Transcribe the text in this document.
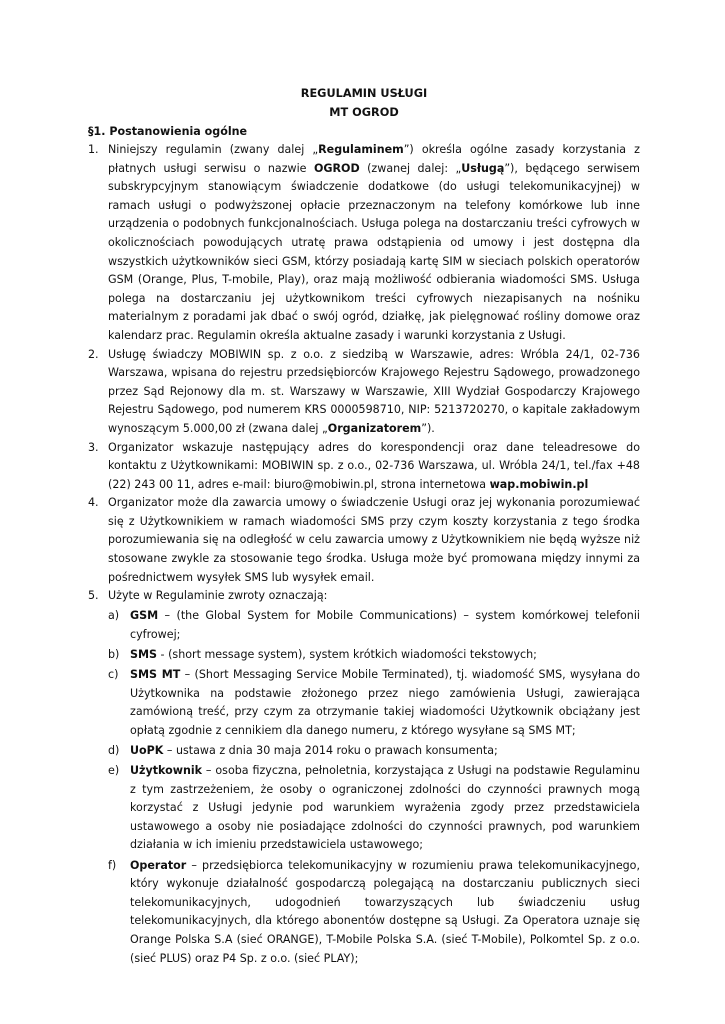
REGULAMIN USŁUGI
MT OGROD
§1. Postanowienia ogólne
1. Niniejszy regulamin (zwany dalej „Regulaminem”) określa ogólne zasady korzystania z płatnych usługi serwisu o nazwie OGROD (zwanej dalej: „Usługą”), będącego serwisem subskrypcyjnym stanowiącym świadczenie dodatkowe (do usługi telekomunikacyjnej) w ramach usługi o podwyższonej opłacie przeznaczonym na telefony komórkowe lub inne urządzenia o podobnych funkcjonalnościach. Usługa polega na dostarczaniu treści cyfrowych w okolicznościach powodujących utratę prawa odstąpienia od umowy i jest dostępna dla wszystkich użytkowników sieci GSM, którzy posiadają kartę SIM w sieciach polskich operatorów GSM (Orange, Plus, T-mobile, Play), oraz mają możliwość odbierania wiadomości SMS. Usługa polega na dostarczaniu jej użytkownikom treści cyfrowych niezapisanych na nośniku materialnym z poradami jak dbać o swój ogród, działkę, jak pielęgnować rośliny domowe oraz kalendarz prac. Regulamin określa aktualne zasady i warunki korzystania z Usługi.
2. Usługę świadczy MOBIWIN sp. z o.o. z siedzibą w Warszawie, adres: Wróbla 24/1, 02-736 Warszawa, wpisana do rejestru przedsiębiorców Krajowego Rejestru Sądowego, prowadzonego przez Sąd Rejonowy dla m. st. Warszawy w Warszawie, XIII Wydział Gospodarczy Krajowego Rejestru Sądowego, pod numerem KRS 0000598710, NIP: 5213720270, o kapitale zakładowym wynoszącym 5.000,00 zł (zwana dalej „Organizatorem”).
3. Organizator wskazuje następujący adres do korespondencji oraz dane teleadresowe do kontaktu z Użytkownikami: MOBIWIN sp. z o.o., 02-736 Warszawa, ul. Wróbla 24/1, tel./fax +48 (22) 243 00 11, adres e-mail: biuro@mobiwin.pl, strona internetowa wap.mobiwin.pl
4. Organizator może dla zawarcia umowy o świadczenie Usługi oraz jej wykonania porozumiewać się z Użytkownikiem w ramach wiadomości SMS przy czym koszty korzystania z tego środka porozumiewania się na odległość w celu zawarcia umowy z Użytkownikiem nie będą wyższe niż stosowane zwykle za stosowanie tego środka. Usługa może być promowana między innymi za pośrednictwem wysyłek SMS lub wysyłek email.
5. Użyte w Regulaminie zwroty oznaczają:
a) GSM – (the Global System for Mobile Communications) – system komórkowej telefonii cyfrowej;
b) SMS - (short message system), system krótkich wiadomości tekstowych;
c) SMS MT – (Short Messaging Service Mobile Terminated), tj. wiadomość SMS, wysyłana do Użytkownika na podstawie złożonego przez niego zamówienia Usługi, zawierająca zamówioną treść, przy czym za otrzymanie takiej wiadomości Użytkownik obciążany jest opłatą zgodnie z cennikiem dla danego numeru, z którego wysyłane są SMS MT;
d) UoPK – ustawa z dnia 30 maja 2014 roku o prawach konsumenta;
e) Użytkownik – osoba fizyczna, pełnoletnia, korzystająca z Usługi na podstawie Regulaminu z tym zastrzeżeniem, że osoby o ograniczonej zdolności do czynności prawnych mogą korzystać z Usługi jedynie pod warunkiem wyrażenia zgody przez przedstawiciela ustawowego a osoby nie posiadające zdolności do czynności prawnych, pod warunkiem działania w ich imieniu przedstawiciela ustawowego;
f) Operator – przedsiębiorca telekomunikacyjny w rozumieniu prawa telekomunikacyjnego, który wykonuje działalność gospodarczą polegającą na dostarczaniu publicznych sieci telekomunikacyjnych, udogodnień towarzyszących lub świadczeniu usług telekomunikacyjnych, dla którego abonentów dostępne są Usługi. Za Operatora uznaje się Orange Polska S.A (sieć ORANGE), T-Mobile Polska S.A. (sieć T-Mobile), Polkomtel Sp. z o.o. (sieć PLUS) oraz P4 Sp. z o.o. (sieć PLAY);
